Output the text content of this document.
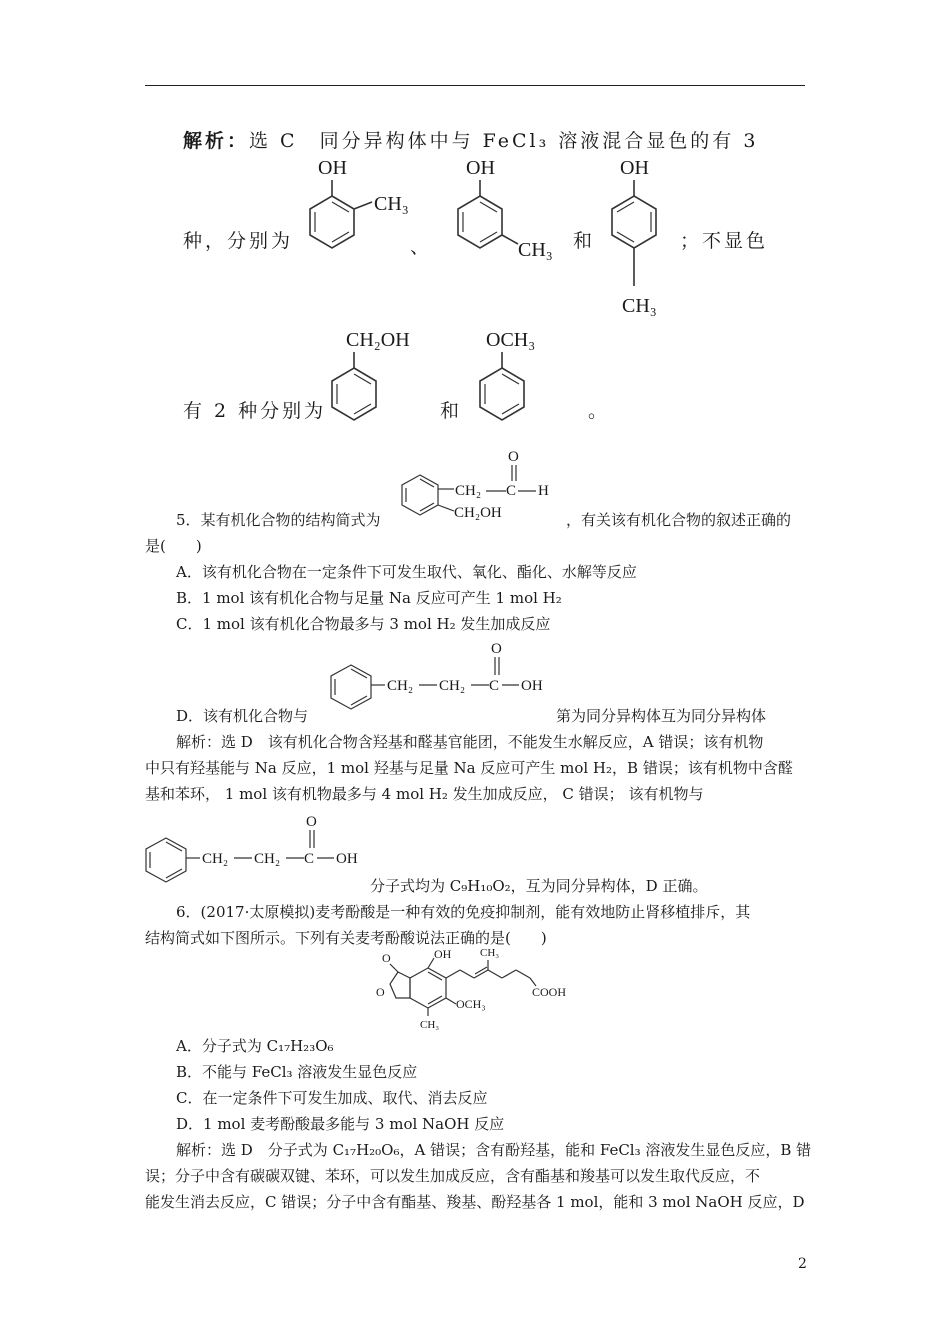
解析：选 C　同分异构体中与 FeCl₃ 溶液混合显色的有 3
种，分别为	、	和	；不显色
OH
CH₃
OH
CH₃
OH
CH₃
有 2 种分别为	和	。
CH₂OH	OCH₃
CH₂ C
O
H
CH₂OH
5．某有机化合物的结构简式为	，有关该有机化合物的叙述正确的
是(　　)
A．该有机化合物在一定条件下可发生取代、氧化、酯化、水解等反应
B．1 mol 该有机化合物与足量 Na 反应可产生 1 mol H₂
C．1 mol 该有机化合物最多与 3 mol H₂ 发生加成反应
CH₂ CH₂ C
O
OH
D．该有机化合物与	第为同分异构体互为同分异构体
解析：选 D　该有机化合物含羟基和醛基官能团，不能发生水解反应，A 错误；该有机物
中只有羟基能与 Na 反应，1 mol 羟基与足量 Na 反应可产生 mol H₂，B 错误；该有机物中含醛
基和苯环， 1 mol 该有机物最多与 4 mol H₂ 发生加成反应， C 错误； 该有机物与
CH₂ CH₂ C
O
OH
分子式均为 C₉H₁₀O₂，互为同分异构体，D 正确。
6．(2017·太原模拟)麦考酚酸是一种有效的免疫抑制剂，能有效地防止肾移植排斥，其
结构简式如下图所示。下列有关麦考酚酸说法正确的是(　　)
O
O
OH
CH₃
OCH₃
CH₃
COOH
A．分子式为 C₁₇H₂₃O₆
B．不能与 FeCl₃ 溶液发生显色反应
C．在一定条件下可发生加成、取代、消去反应
D．1 mol 麦考酚酸最多能与 3 mol NaOH 反应
解析：选 D　分子式为 C₁₇H₂₀O₆，A 错误；含有酚羟基，能和 FeCl₃ 溶液发生显色反应，B 错
误；分子中含有碳碳双键、苯环，可以发生加成反应，含有酯基和羧基可以发生取代反应，不
能发生消去反应，C 错误；分子中含有酯基、羧基、酚羟基各 1 mol，能和 3 mol NaOH 反应，D
2
